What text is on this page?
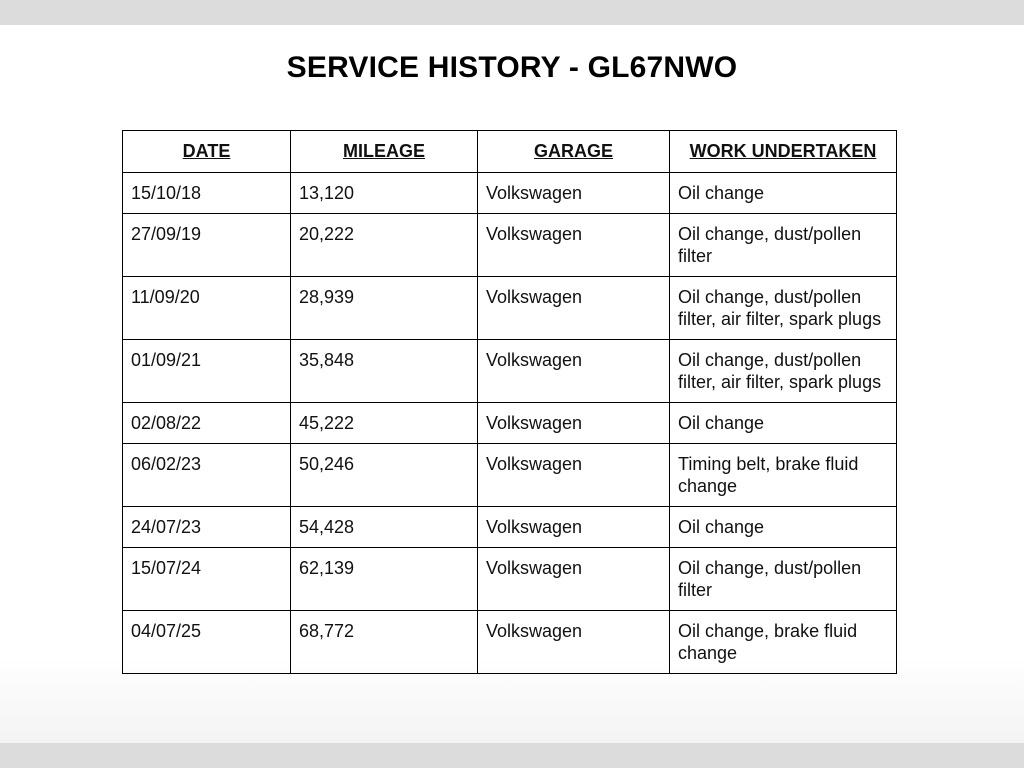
SERVICE HISTORY - GL67NWO
DATE	MILEAGE	GARAGE	WORK UNDERTAKEN
15/10/18	13,120	Volkswagen	Oil change
27/09/19	20,222	Volkswagen	Oil change, dust/pollen filter
11/09/20	28,939	Volkswagen	Oil change, dust/pollen filter, air filter, spark plugs
01/09/21	35,848	Volkswagen	Oil change, dust/pollen filter, air filter, spark plugs
02/08/22	45,222	Volkswagen	Oil change
06/02/23	50,246	Volkswagen	Timing belt, brake fluid change
24/07/23	54,428	Volkswagen	Oil change
15/07/24	62,139	Volkswagen	Oil change, dust/pollen filter
04/07/25	68,772	Volkswagen	Oil change, brake fluid change
